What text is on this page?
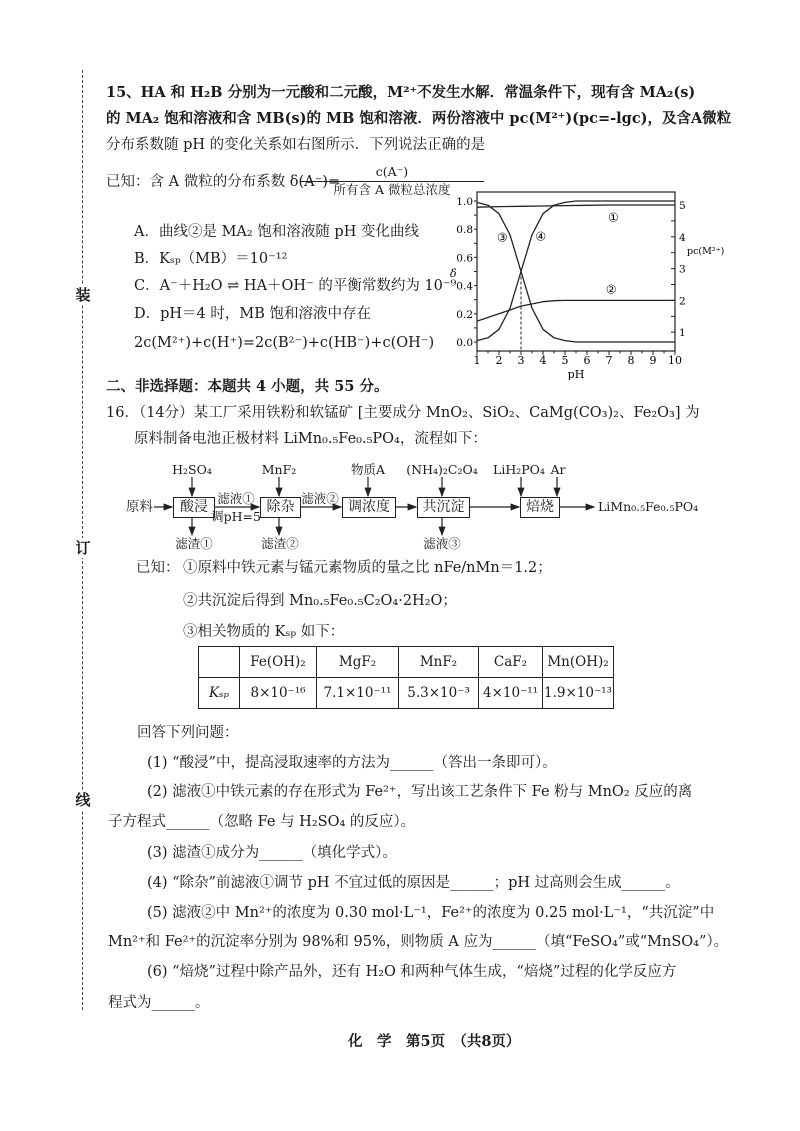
装
订
线
15、HA 和 H₂B 分别为一元酸和二元酸，M²⁺不发生水解．常温条件下，现有含 MA₂(s)
的 MA₂ 饱和溶液和含 MB(s)的 MB 饱和溶液．两份溶液中 pc(M²⁺)(pc=-lgc)，及含A微粒
分布系数随 pH 的变化关系如右图所示．下列说法正确的是
已知：含 A 微粒的分布系数 δ(A⁻)=
c(A⁻)
所有含 A 微粒总浓度
A．曲线②是 MA₂ 饱和溶液随 pH 变化曲线
B．Kₛₚ（MB）＝10⁻¹²
C．A⁻＋H₂O ⇌ HA＋OH⁻ 的平衡常数约为 10⁻⁹
D．pH＝4 时，MB 饱和溶液中存在
2c(M²⁺)+c(H⁺)=2c(B²⁻)+c(HB⁻)+c(OH⁻)
1 2 3 4 5 6 7 8 9 10
pH
0.0
0.2
0.4
0.6
0.8
1.0
δ
1
2
3
4
5
pc(M²⁺)
①
②
③ ④
二、非选择题：本题共 4 小题，共 55 分。
16．（14分）某工厂采用铁粉和软锰矿 [主要成分 MnO₂、SiO₂、CaMg(CO₃)₂、Fe₂O₃] 为
原料制备电池正极材料 LiMn₀.₅Fe₀.₅PO₄，流程如下：
原料	酸浸	除杂	调浓度	共沉淀	焙烧
H₂SO₄	MnF₂	物质A (NH₄)₂C₂O₄ LiH₂PO₄ Ar
滤渣①	滤渣②	滤液③
滤液①
调pH=5
滤液②
LiMn₀.₅Fe₀.₅PO₄
已知： ①原料中铁元素与锰元素物质的量之比 nFe/nMn＝1.2；
②共沉淀后得到 Mn₀.₅Fe₀.₅C₂O₄·2H₂O；
③相关物质的 Kₛₚ 如下：
	Fe(OH)₂	MgF₂	MnF₂	CaF₂	Mn(OH)₂
Kₛₚ	8×10⁻¹⁶	7.1×10⁻¹¹	5.3×10⁻³	4×10⁻¹¹	1.9×10⁻¹³
回答下列问题：
(1) “酸浸”中，提高浸取速率的方法为______（答出一条即可）。
(2) 滤液①中铁元素的存在形式为 Fe²⁺，写出该工艺条件下 Fe 粉与 MnO₂ 反应的离
子方程式______（忽略 Fe 与 H₂SO₄ 的反应）。
(3) 滤渣①成分为______（填化学式）。
(4) “除杂”前滤液①调节 pH 不宜过低的原因是______；pH 过高则会生成______。
(5) 滤液②中 Mn²⁺的浓度为 0.30 mol·L⁻¹，Fe²⁺的浓度为 0.25 mol·L⁻¹，“共沉淀”中
Mn²⁺和 Fe²⁺的沉淀率分别为 98%和 95%，则物质 A 应为______（填“FeSO₄”或“MnSO₄”）。
(6) “焙烧”过程中除产品外，还有 H₂O 和两种气体生成，“焙烧”过程的化学反应方
程式为______。
化　学　第5页　（共8页）
